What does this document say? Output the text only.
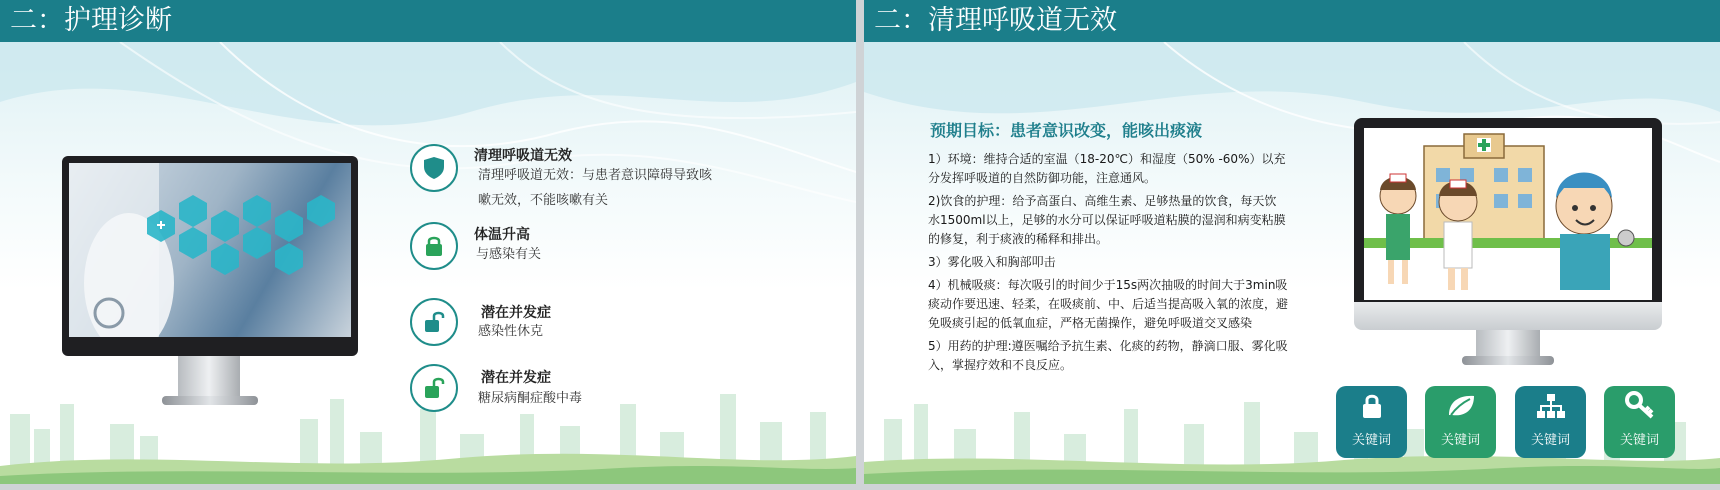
二：护理诊断
清理呼吸道无效
清理呼吸道无效：与患者意识障碍导致咳
嗽无效，不能咳嗽有关
体温升高
与感染有关
潜在并发症
感染性休克
潜在并发症
糖尿病酮症酸中毒
二：清理呼吸道无效
预期目标：患者意识改变，能咳出痰液

1）环境：维持合适的室温（18-20℃）和湿度（50% -60%）以充分发挥呼吸道的自然防御功能，注意通风。

2)饮食的护理：给予高蛋白、高维生素、足够热量的饮食，每天饮水1500ml以上，足够的水分可以保证呼吸道粘膜的湿润和病变粘膜的修复，利于痰液的稀释和排出。

3）雾化吸入和胸部叩击

4）机械吸痰：每次吸引的时间少于15s两次抽吸的时间大于3min吸痰动作要迅速、轻柔，在吸痰前、中、后适当提高吸入氧的浓度，避免吸痰引起的低氧血症，严格无菌操作，避免呼吸道交叉感染

5）用药的护理:遵医嘱给予抗生素、化痰的药物，静滴口服、雾化吸入，掌握疗效和不良反应。

关键词	关键词	关键词	关键词
